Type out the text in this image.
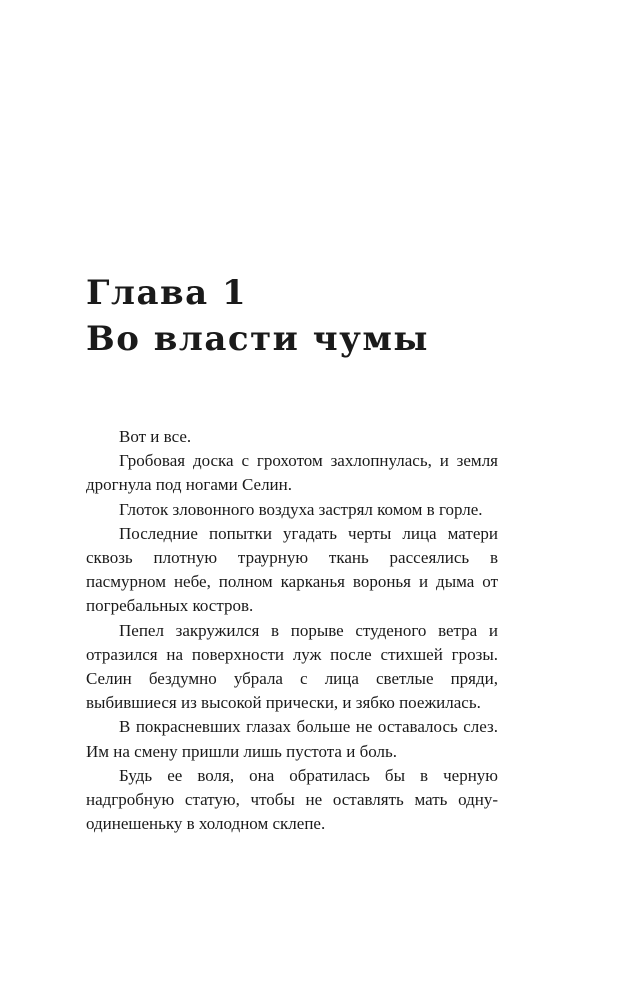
Глава 1
Во власти чумы

Вот и все.

Гробовая доска с грохотом захлопнулась, и земля дрогнула под ногами Селин.

Глоток зловонного воздуха застрял комом в горле.

Последние попытки угадать черты лица матери сквозь плотную траурную ткань рассеялись в пасмурном небе, полном карканья воронья и дыма от погребальных костров.

Пепел закружился в порыве студеного ветра и отразился на поверхности луж после стихшей грозы. Селин бездумно убрала с лица светлые пряди, выбившиеся из высокой прически, и зябко поежилась.

В покрасневших глазах больше не оставалось слез. Им на смену пришли лишь пустота и боль.

Будь ее воля, она обратилась бы в черную надгробную статую, чтобы не оставлять мать одну-одинешеньку в холодном склепе.
